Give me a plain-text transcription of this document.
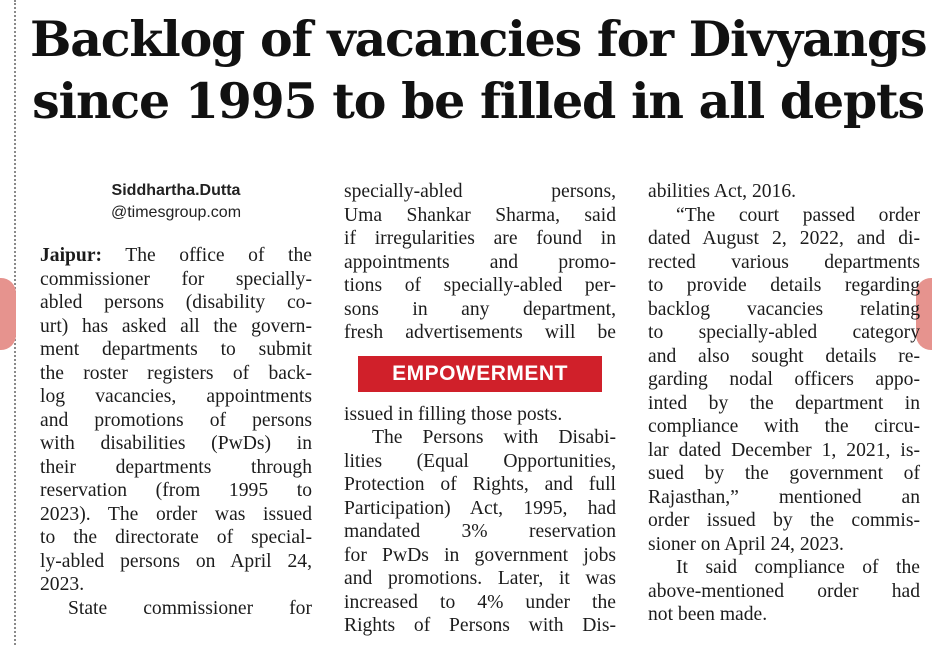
Backlog of vacancies for Divyangs
since 1995 to be filled in all depts
Siddhartha.Dutta
@timesgroup.com
Jaipur: The office of the
commissioner for specially-
abled persons (disability co-
urt) has asked all the govern-
ment departments to submit
the roster registers of back-
log vacancies, appointments
and promotions of persons
with disabilities (PwDs) in
their departments through
reservation (from 1995 to
2023). The order was issued
to the directorate of special-
ly-abled persons on April 24,
2023.
State commissioner for
specially-abled persons,
Uma Shankar Sharma, said
if irregularities are found in
appointments and promo-
tions of specially-abled per-
sons in any department,
fresh advertisements will be
EMPOWERMENT
issued in filling those posts.
The Persons with Disabi-
lities (Equal Opportunities,
Protection of Rights, and full
Participation) Act, 1995, had
mandated 3% reservation
for PwDs in government jobs
and promotions. Later, it was
increased to 4% under the
Rights of Persons with Dis-
abilities Act, 2016.
“The court passed order
dated August 2, 2022, and di-
rected various departments
to provide details regarding
backlog vacancies relating
to specially-abled category
and also sought details re-
garding nodal officers appo-
inted by the department in
compliance with the circu-
lar dated December 1, 2021, is-
sued by the government of
Rajasthan,” mentioned an
order issued by the commis-
sioner on April 24, 2023.
It said compliance of the
above-mentioned order had
not been made.
